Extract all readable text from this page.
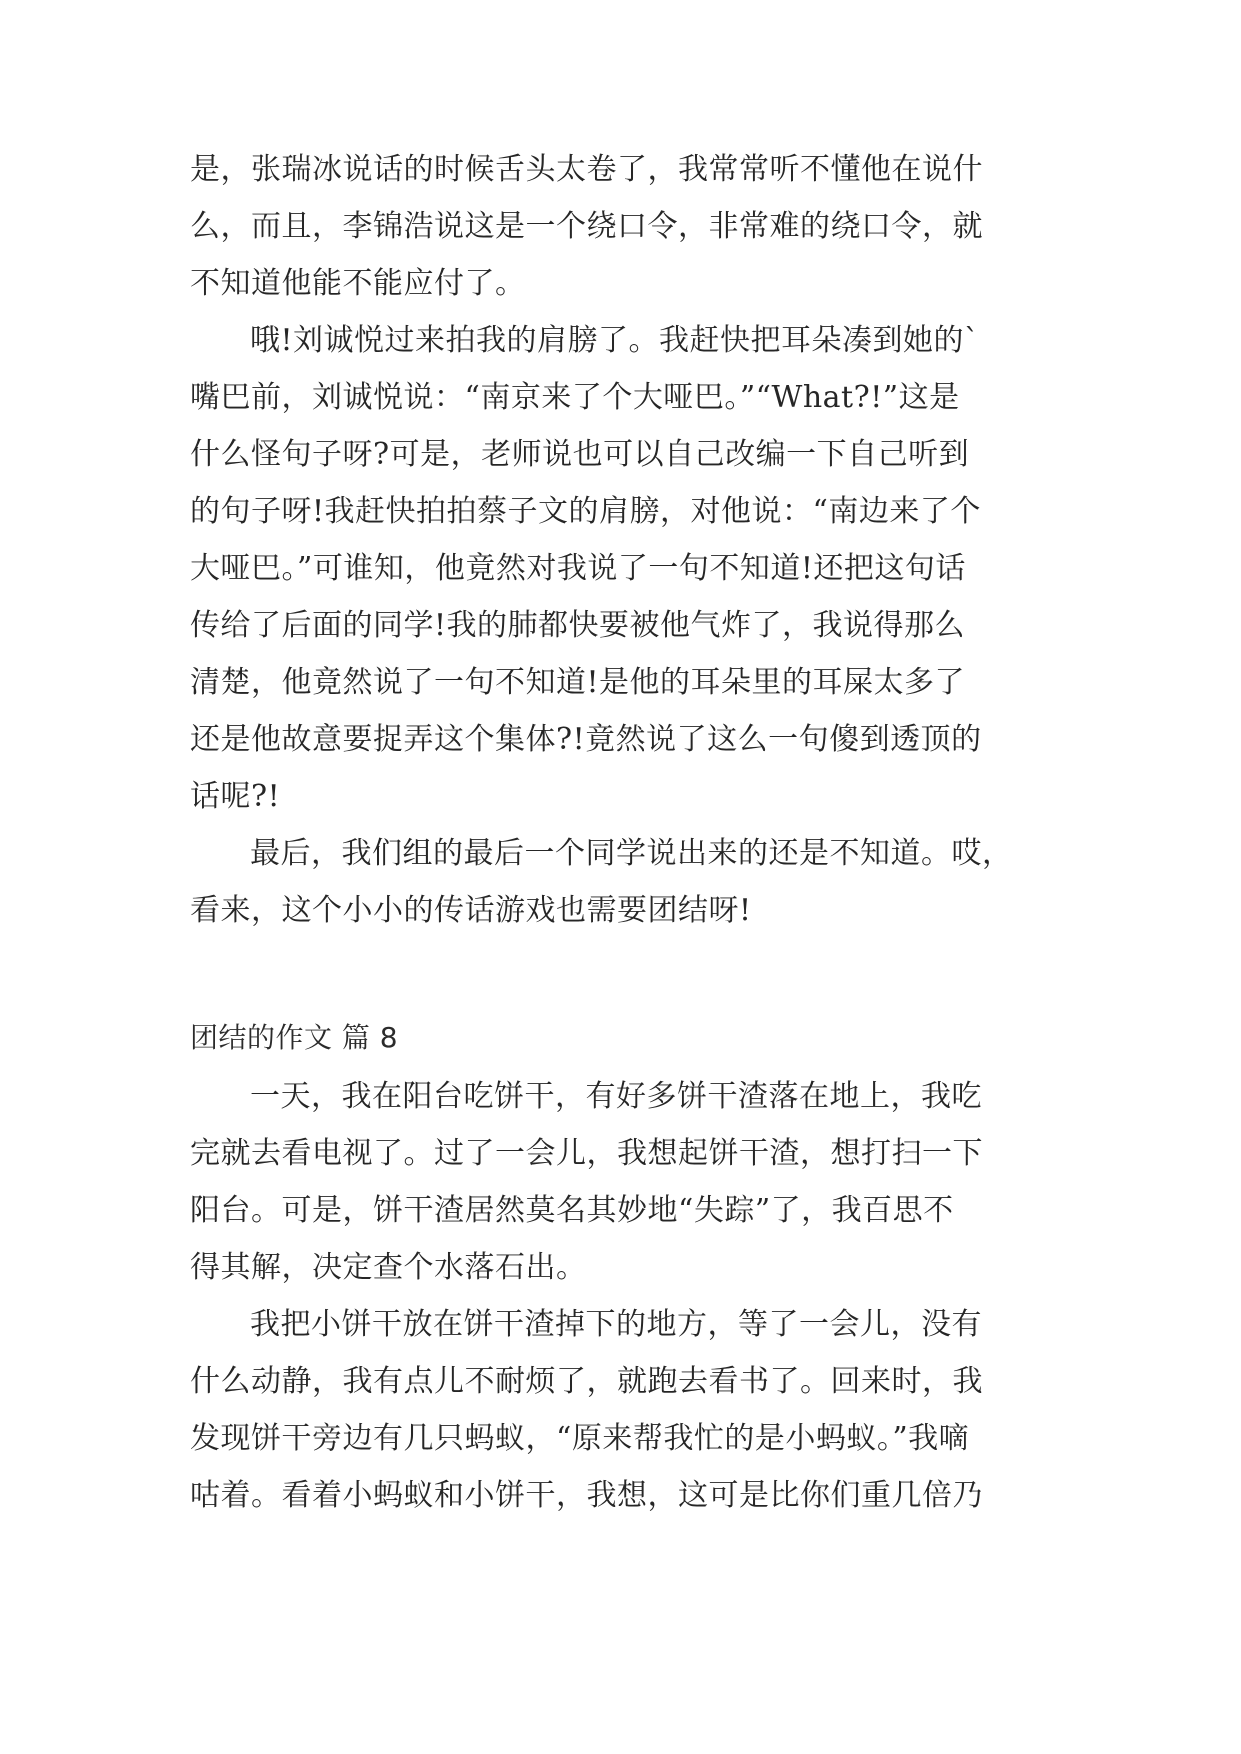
是，张瑞冰说话的时候舌头太卷了，我常常听不懂他在说什
么，而且，李锦浩说这是一个绕口令，非常难的绕口令，就
不知道他能不能应付了。
哦!刘诚悦过来拍我的肩膀了。我赶快把耳朵凑到她的`
嘴巴前，刘诚悦说：“南京来了个大哑巴。”“What?!”这是
什么怪句子呀?可是，老师说也可以自己改编一下自己听到
的句子呀!我赶快拍拍蔡子文的肩膀，对他说：“南边来了个
大哑巴。”可谁知，他竟然对我说了一句不知道!还把这句话
传给了后面的同学!我的肺都快要被他气炸了，我说得那么
清楚，他竟然说了一句不知道!是他的耳朵里的耳屎太多了
还是他故意要捉弄这个集体?!竟然说了这么一句傻到透顶的
话呢?!
最后，我们组的最后一个同学说出来的还是不知道。哎，
看来，这个小小的传话游戏也需要团结呀!
团结的作文 篇 8
一天，我在阳台吃饼干，有好多饼干渣落在地上，我吃
完就去看电视了。过了一会儿，我想起饼干渣，想打扫一下
阳台。可是，饼干渣居然莫名其妙地“失踪”了，我百思不
得其解，决定查个水落石出。
我把小饼干放在饼干渣掉下的地方，等了一会儿，没有
什么动静，我有点儿不耐烦了，就跑去看书了。回来时，我
发现饼干旁边有几只蚂蚁，“原来帮我忙的是小蚂蚁。”我嘀
咕着。看着小蚂蚁和小饼干，我想，这可是比你们重几倍乃
